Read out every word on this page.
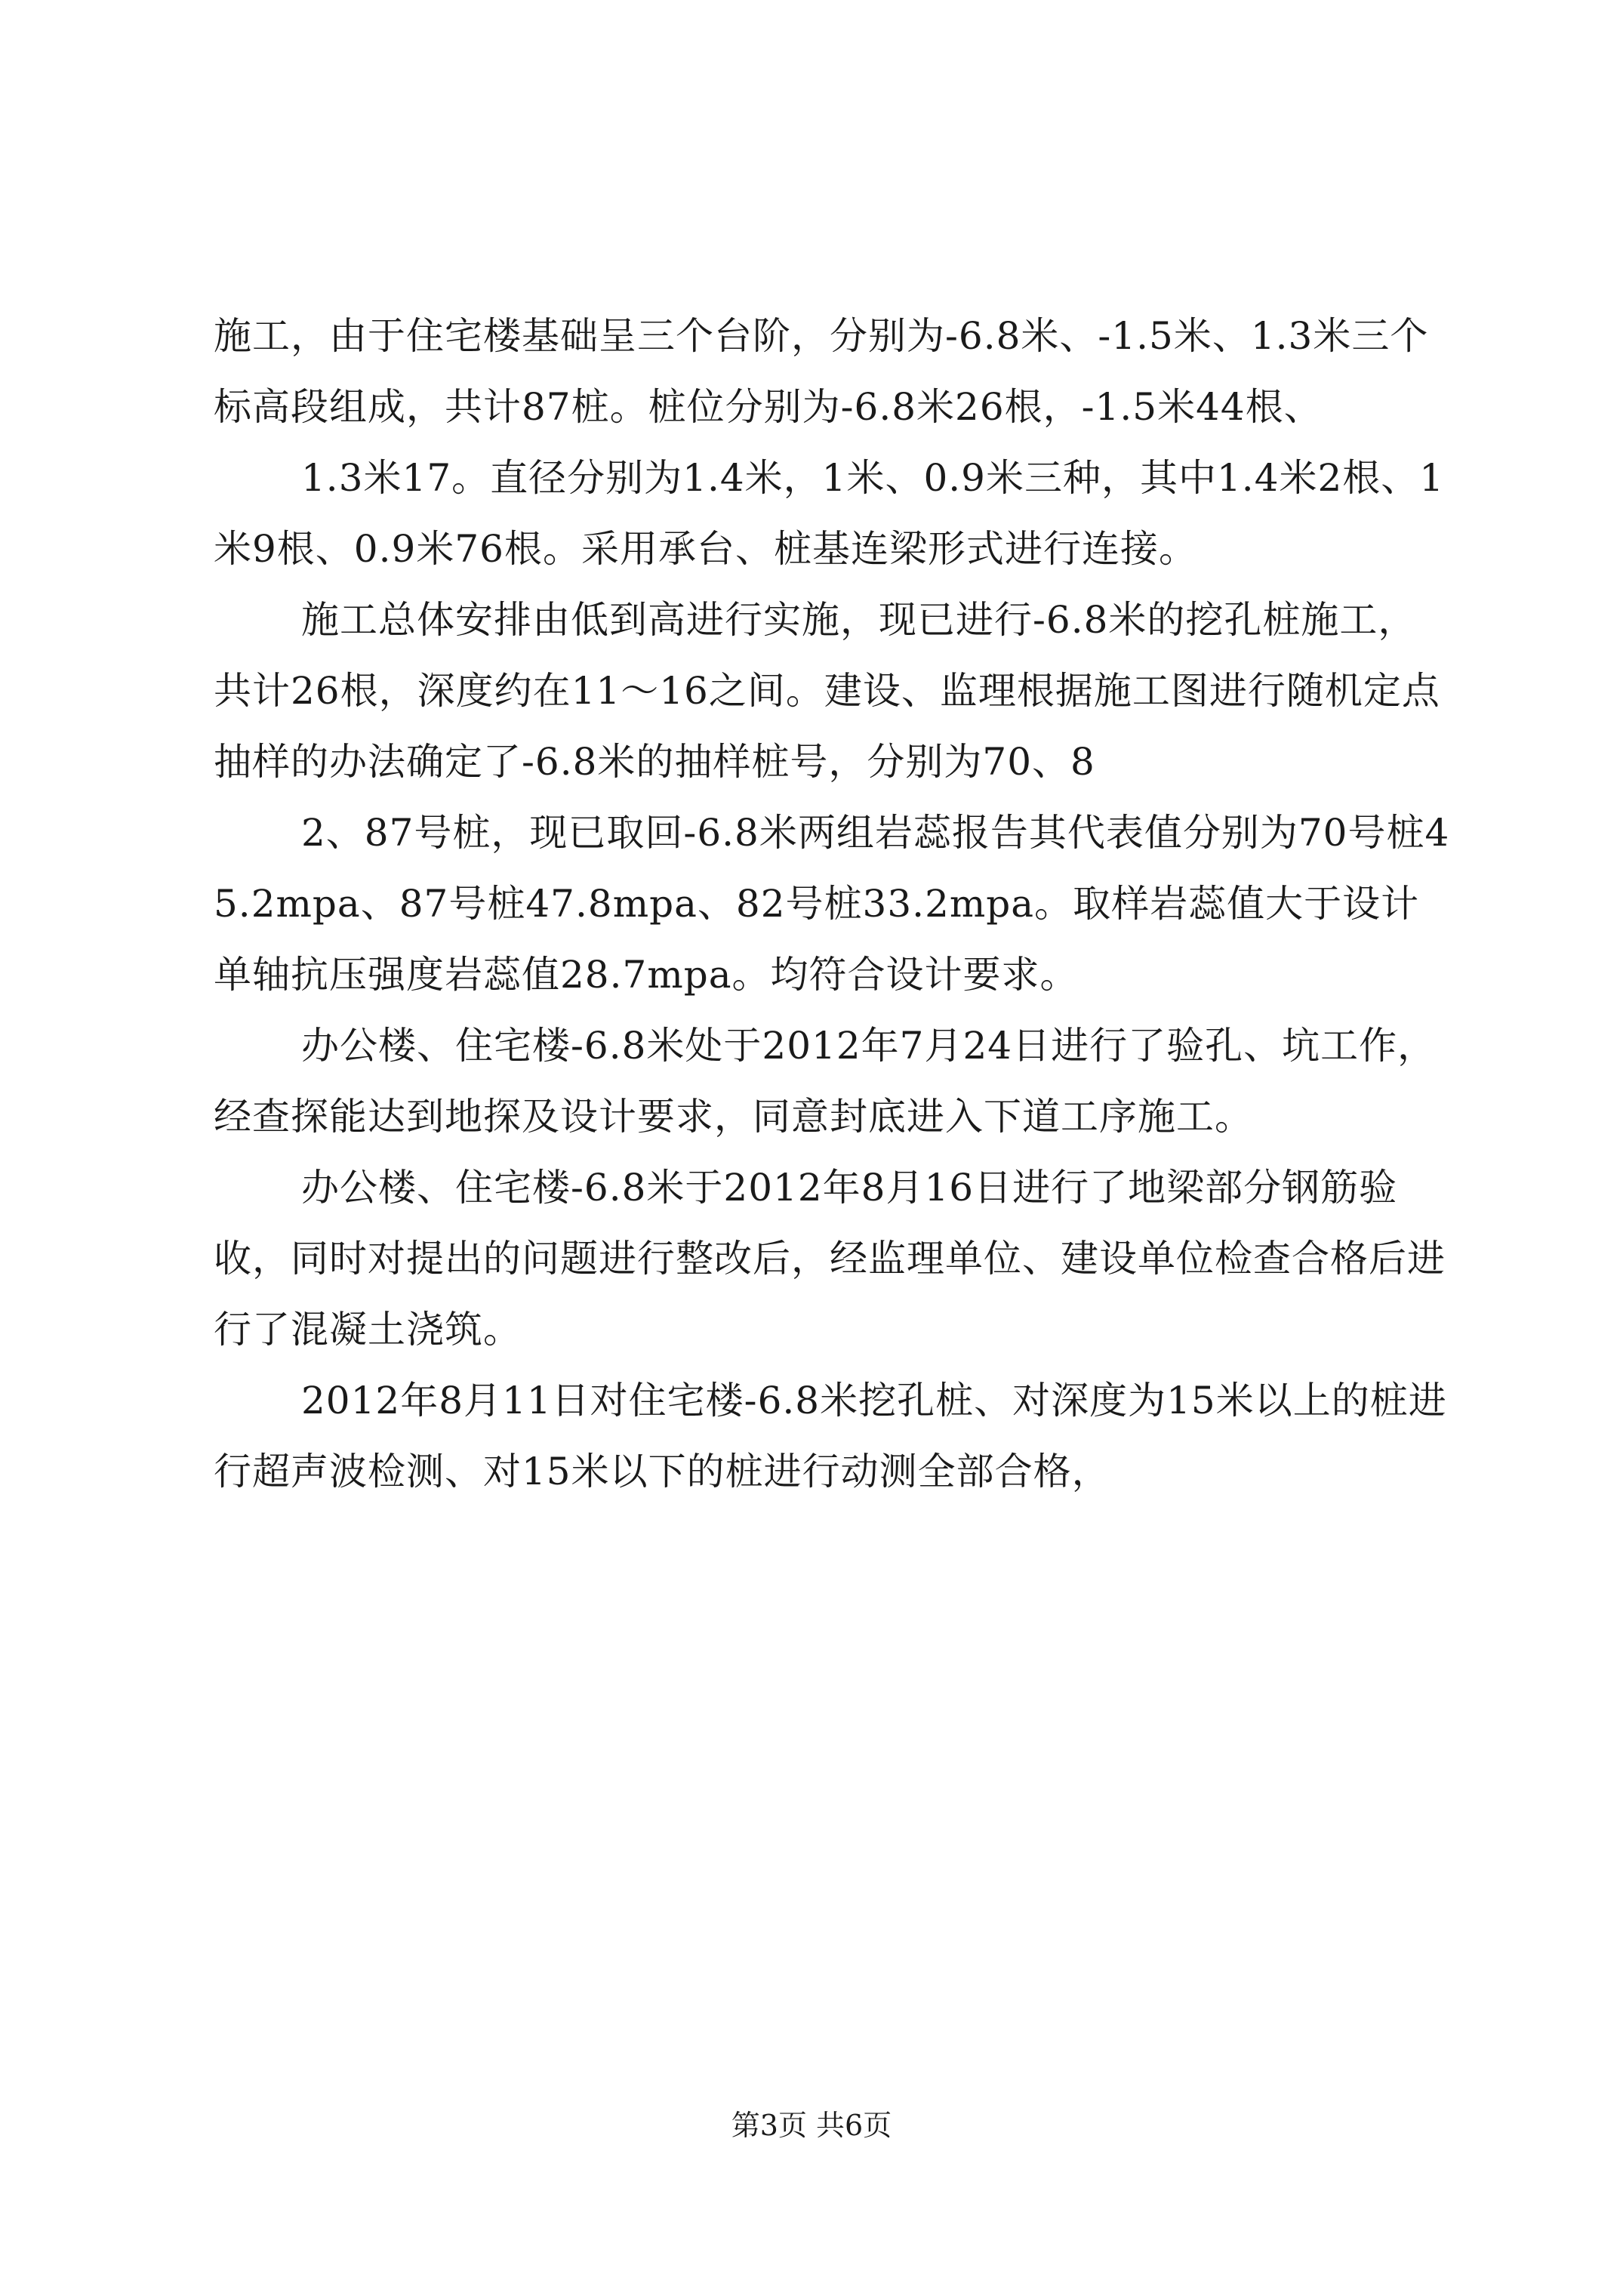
施工，由于住宅楼基础呈三个台阶，分别为-6.8米、-1.5米、1.3米三个标高段组成，共计87桩。桩位分别为-6.8米26根，-1.5米44根、

1.3米17。直径分别为1.4米，1米、0.9米三种，其中1.4米2根、1米9根、0.9米76根。采用承台、桩基连梁形式进行连接。

施工总体安排由低到高进行实施，现已进行-6.8米的挖孔桩施工，共计26根，深度约在11～16之间。建设、监理根据施工图进行随机定点抽样的办法确定了-6.8米的抽样桩号，分别为70、8

2、87号桩，现已取回-6.8米两组岩蕊报告其代表值分别为70号桩45.2mpa、87号桩47.8mpa、82号桩33.2mpa。取样岩蕊值大于设计单轴抗压强度岩蕊值28.7mpa。均符合设计要求。

办公楼、住宅楼-6.8米处于2012年7月24日进行了验孔、坑工作，经查探能达到地探及设计要求，同意封底进入下道工序施工。

办公楼、住宅楼-6.8米于2012年8月16日进行了地梁部分钢筋验收，同时对提出的问题进行整改后，经监理单位、建设单位检查合格后进行了混凝土浇筑。

2012年8月11日对住宅楼-6.8米挖孔桩、对深度为15米以上的桩进行超声波检测、对15米以下的桩进行动测全部合格，

第3页 共6页
